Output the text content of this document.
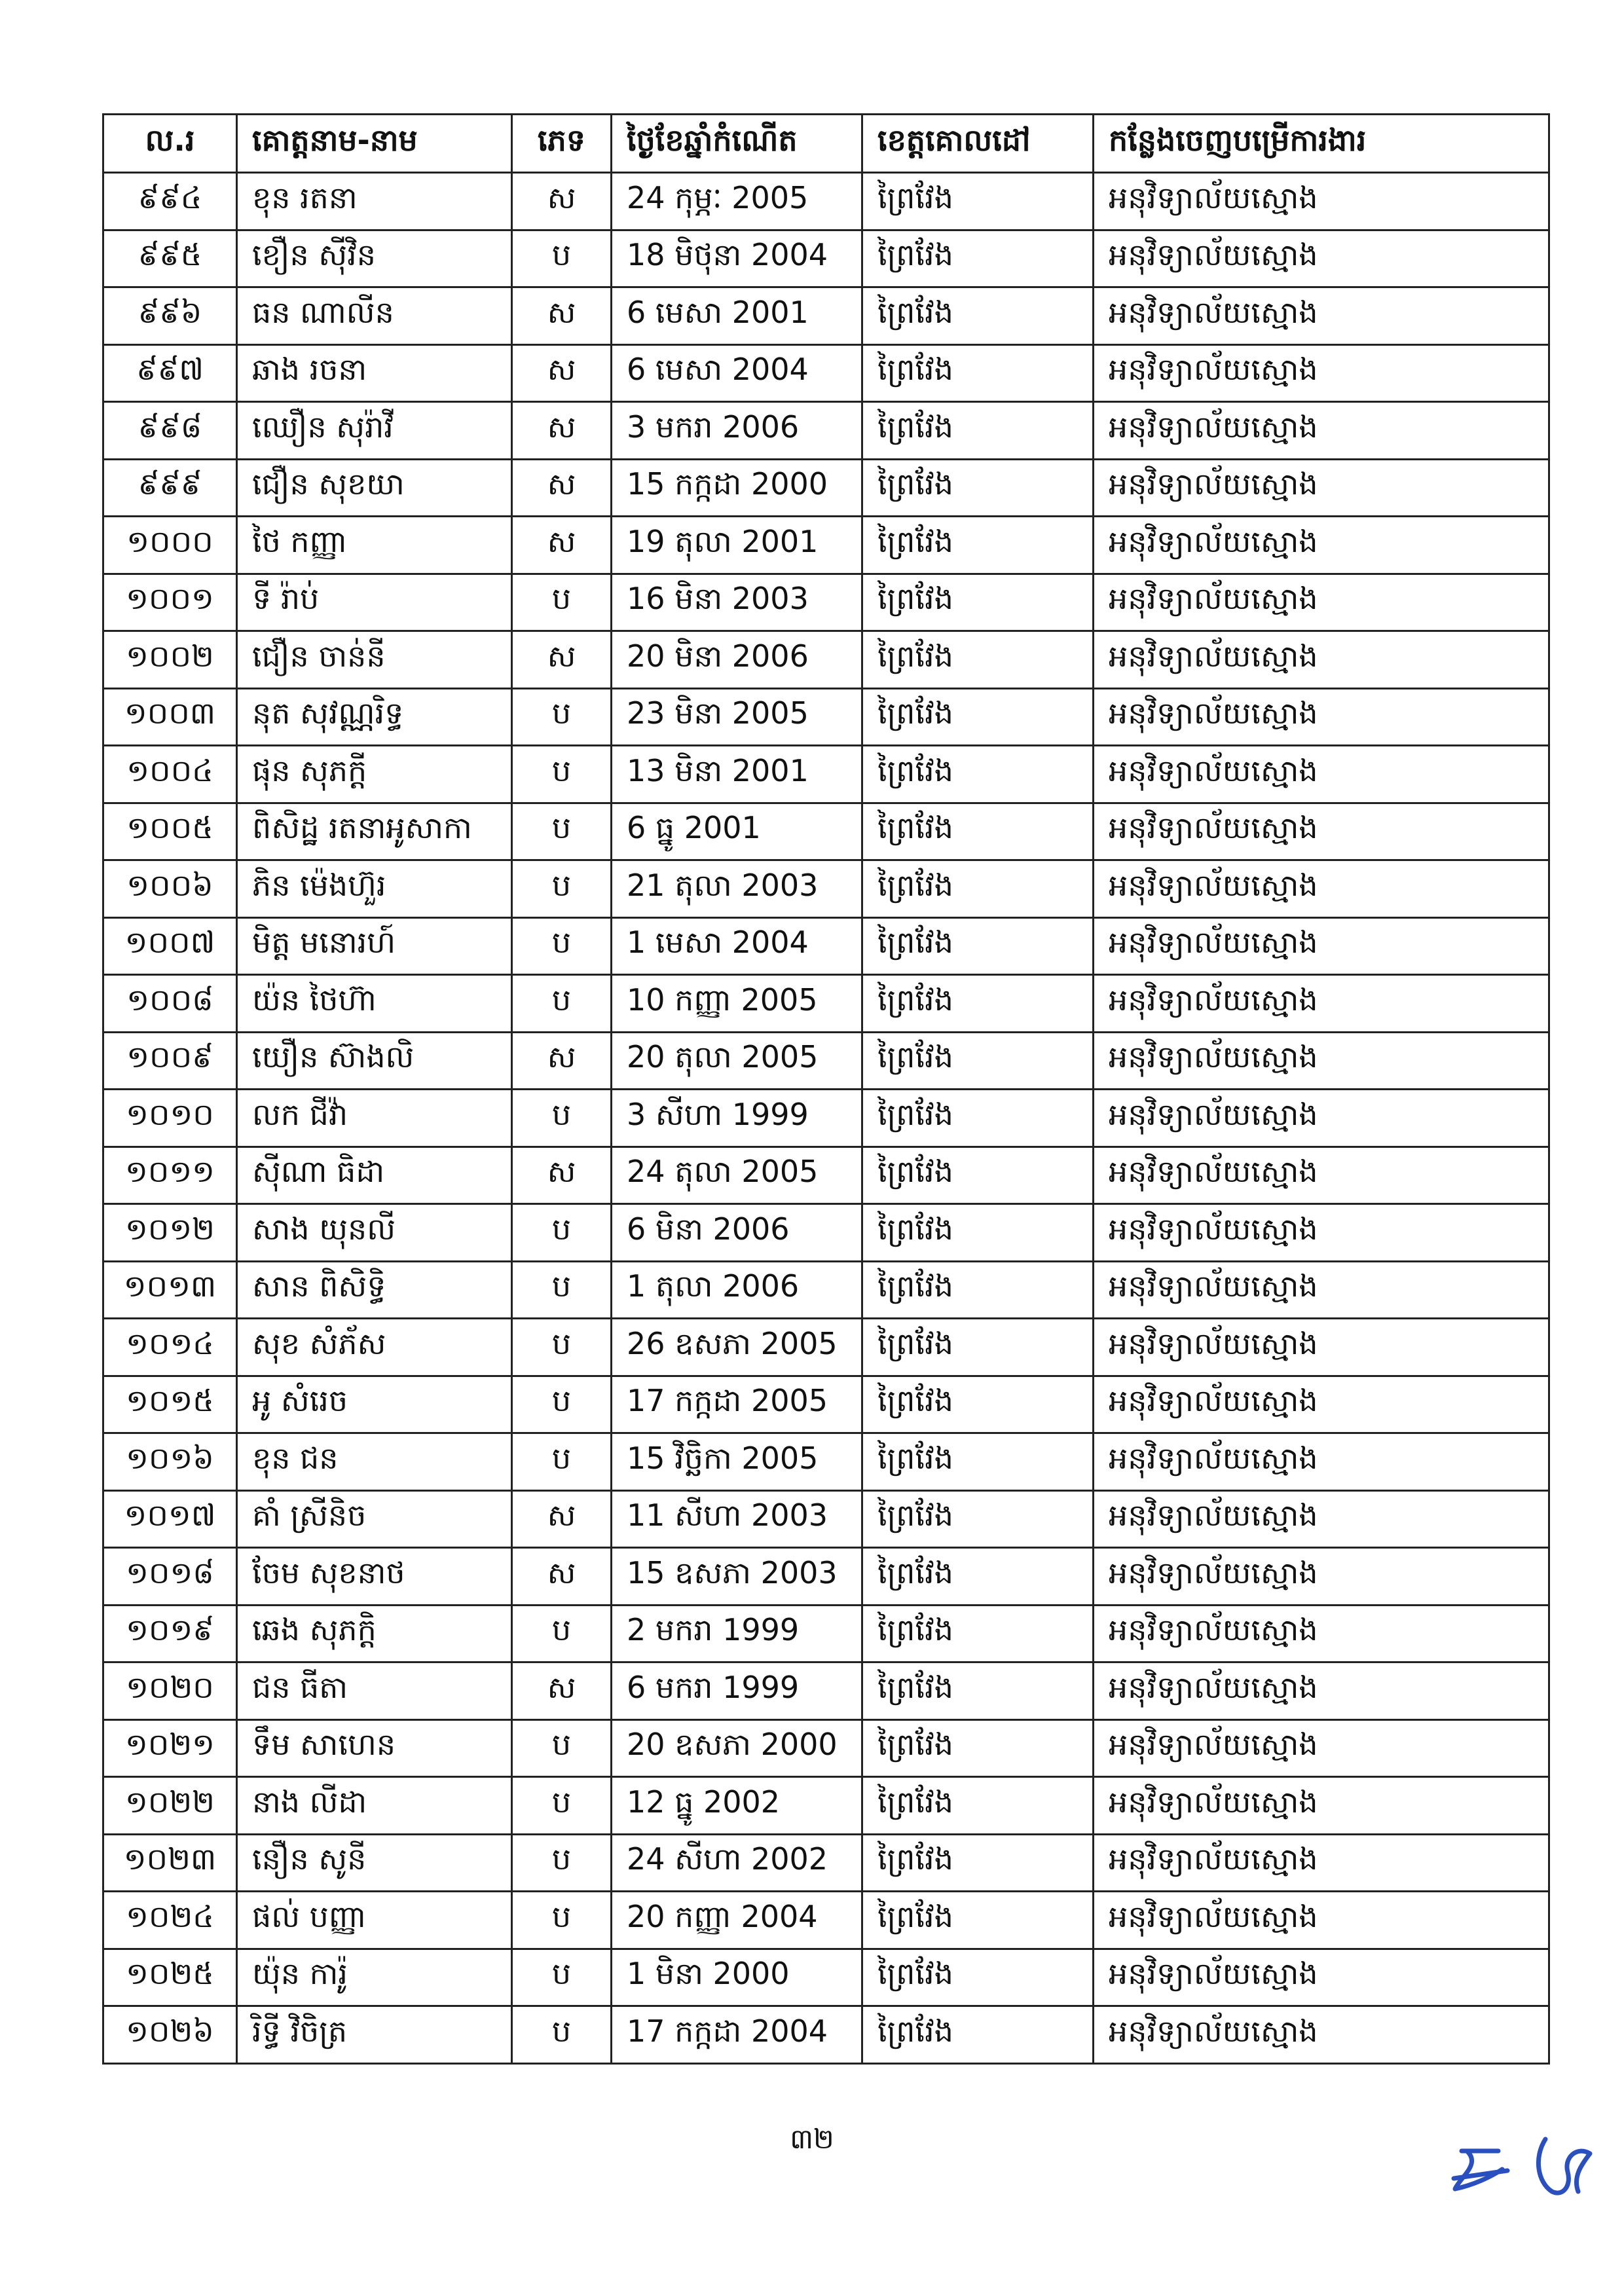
ល.រ	គោត្តនាម-នាម	ភេទ	ថ្ងៃខែឆ្នាំកំណើត	ខេត្តគោលដៅ	កន្លែងចេញបម្រើការងារ
៩៩៤	ខុន រតនា	ស	24 កុម្ភៈ 2005	ព្រៃវែង	អនុវិទ្យាល័យស្មោង
៩៩៥	ខឿន ស៊ីវិន	ប	18 មិថុនា 2004	ព្រៃវែង	អនុវិទ្យាល័យស្មោង
៩៩៦	ធន ណាលីន	ស	6 មេសា 2001	ព្រៃវែង	អនុវិទ្យាល័យស្មោង
៩៩៧	ឆាង រចនា	ស	6 មេសា 2004	ព្រៃវែង	អនុវិទ្យាល័យស្មោង
៩៩៨	ឈឿន សុរ៉ាវី	ស	3 មករា 2006	ព្រៃវែង	អនុវិទ្យាល័យស្មោង
៩៩៩	ជឿន សុខយា	ស	15 កក្កដា 2000	ព្រៃវែង	អនុវិទ្យាល័យស្មោង
១០០០	ថៃ កញ្ញា	ស	19 តុលា 2001	ព្រៃវែង	អនុវិទ្យាល័យស្មោង
១០០១	ទី រ៉ាប់	ប	16 មិនា 2003	ព្រៃវែង	អនុវិទ្យាល័យស្មោង
១០០២	ជឿន ចាន់នី	ស	20 មិនា 2006	ព្រៃវែង	អនុវិទ្យាល័យស្មោង
១០០៣	នុត សុវណ្ណរិទ្ធ	ប	23 មិនា 2005	ព្រៃវែង	អនុវិទ្យាល័យស្មោង
១០០៤	ផុន សុភក្តី	ប	13 មិនា 2001	ព្រៃវែង	អនុវិទ្យាល័យស្មោង
១០០៥	ពិសិដ្ឋ រតនាអូសាកា	ប	6 ធ្នូ 2001	ព្រៃវែង	អនុវិទ្យាល័យស្មោង
១០០៦	ភិន ម៉េងហ៊ួរ	ប	21 តុលា 2003	ព្រៃវែង	អនុវិទ្យាល័យស្មោង
១០០៧	មិត្ត មនោរហ៍	ប	1 មេសា 2004	ព្រៃវែង	អនុវិទ្យាល័យស្មោង
១០០៨	យ៉ន ថៃហ៊ា	ប	10 កញ្ញា 2005	ព្រៃវែង	អនុវិទ្យាល័យស្មោង
១០០៩	យឿន ស៊ាងលិ	ស	20 តុលា 2005	ព្រៃវែង	អនុវិទ្យាល័យស្មោង
១០១០	លក ជីវ៉ា	ប	3 សីហា 1999	ព្រៃវែង	អនុវិទ្យាល័យស្មោង
១០១១	ស៊ីណា ធិដា	ស	24 តុលា 2005	ព្រៃវែង	អនុវិទ្យាល័យស្មោង
១០១២	សាង យុនលី	ប	6 មិនា 2006	ព្រៃវែង	អនុវិទ្យាល័យស្មោង
១០១៣	សាន ពិសិទ្ធិ	ប	1 តុលា 2006	ព្រៃវែង	អនុវិទ្យាល័យស្មោង
១០១៤	សុខ សំភ័ស	ប	26 ឧសភា 2005	ព្រៃវែង	អនុវិទ្យាល័យស្មោង
១០១៥	អូ សំរេច	ប	17 កក្កដា 2005	ព្រៃវែង	អនុវិទ្យាល័យស្មោង
១០១៦	ខុន ជន	ប	15 វិច្ឆិកា 2005	ព្រៃវែង	អនុវិទ្យាល័យស្មោង
១០១៧	គាំ ស្រីនិច	ស	11 សីហា 2003	ព្រៃវែង	អនុវិទ្យាល័យស្មោង
១០១៨	ចែម សុខនាថ	ស	15 ឧសភា 2003	ព្រៃវែង	អនុវិទ្យាល័យស្មោង
១០១៩	ឆេង សុភក្តិ	ប	2 មករា 1999	ព្រៃវែង	អនុវិទ្យាល័យស្មោង
១០២០	ជន ធីតា	ស	6 មករា 1999	ព្រៃវែង	អនុវិទ្យាល័យស្មោង
១០២១	ទឹម សាហេន	ប	20 ឧសភា 2000	ព្រៃវែង	អនុវិទ្យាល័យស្មោង
១០២២	នាង លីដា	ប	12 ធ្នូ 2002	ព្រៃវែង	អនុវិទ្យាល័យស្មោង
១០២៣	នឿន សូនី	ប	24 សីហា 2002	ព្រៃវែង	អនុវិទ្យាល័យស្មោង
១០២៤	ផល់ បញ្ញា	ប	20 កញ្ញា 2004	ព្រៃវែង	អនុវិទ្យាល័យស្មោង
១០២៥	យ៉ុន ការ៉ូ	ប	1 មិនា 2000	ព្រៃវែង	អនុវិទ្យាល័យស្មោង
១០២៦	រិទ្ធី វិចិត្រ	ប	17 កក្កដា 2004	ព្រៃវែង	អនុវិទ្យាល័យស្មោង
៣២
